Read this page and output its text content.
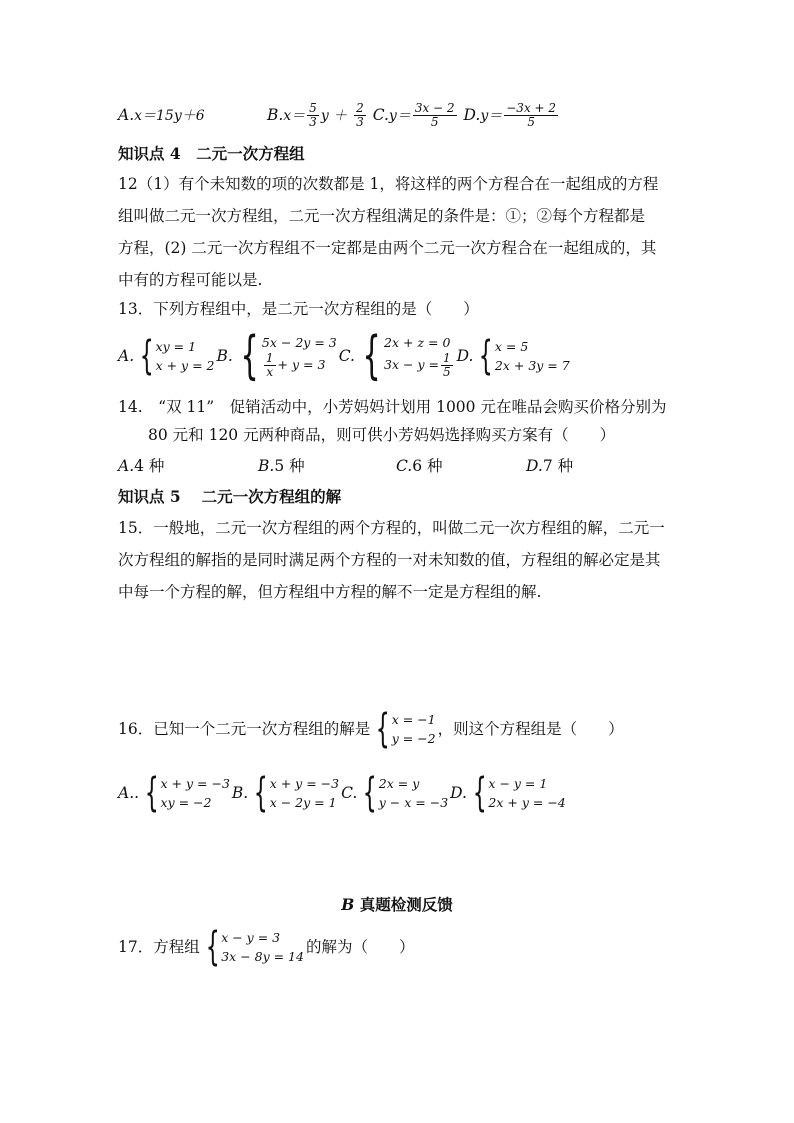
A.x＝15y＋6	$B.x= \frac{5}{3}$ $y + \frac{2}{3} C.y= \frac{3x - 2}{5} D.y= \frac{-3x + 2}{5}$
知识点 4　二元一次方程组
12（1）有个未知数的项的次数都是 1，将这样的两个方程合在一起组成的方程
组叫做二元一次方程组，二元一次方程组满足的条件是：①；②每个方程都是
方程，(2) 二元一次方程组不一定都是由两个二元一次方程合在一起组成的，其
中有的方程可能以是.
13．下列方程组中，是二元一次方程组的是（　　）
A. { xy = 1
x + y = 2
B. { 5x − 2y = 3
$\frac{1}{x} + y = 3$ C. { 2x + z = 0
$3x - y = \frac{1}{5} D$. { x = 5
2x + 3y = 7
14.　“双 11”　促销活动中，小芳妈妈计划用 1000 元在唯品会购买价格分别为
80 元和 120 元两种商品，则可供小芳妈妈选择购买方案有（　　）
A.4 种	B.5 种	C.6 种	D.7 种
知识点 5　 二元一次方程组的解
15．一般地，二元一次方程组的两个方程的，叫做二元一次方程组的解，二元一
次方程组的解指的是同时满足两个方程的一对未知数的值，方程组的解必定是其
中每一个方程的解，但方程组中方程的解不一定是方程组的解.
16．已知一个二元一次方程组的解是 { x = −1
y = −2
，则这个方程组是（　　）
A.. { x + y = −3
xy = −2
B. { x + y = −3
x − 2y = 1
C. { 2x = y
y − x = −3
D. { x − y = 1
2x + y = −4
B 真题检测反馈
17．方程组 { x − y = 3
3x − 8y = 14
的解为（　　）
